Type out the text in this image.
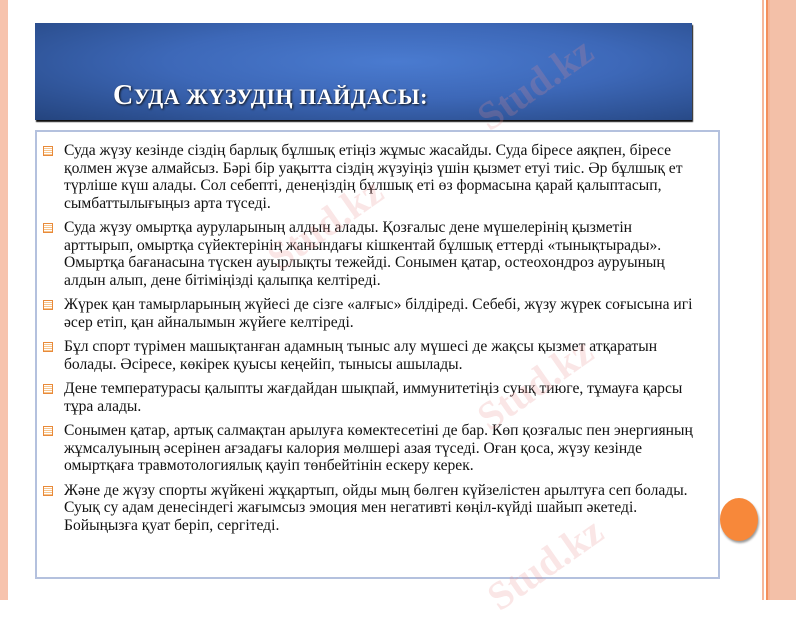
СУДА ЖҮЗУДІҢ ПАЙДАСЫ:
Суда жүзу кезінде сіздің барлық бұлшық етіңіз жұмыс жасайды. Суда біресе аяқпен, біресе қолмен жүзе алмайсыз. Бәрі бір уақытта сіздің жүзуіңіз үшін қызмет етуі тиіс. Әр бұлшық ет түрліше күш алады. Сол себепті, денеңіздің бұлшық еті өз формасына қарай қалыптасып, сымбаттылығыңыз арта түседі.
Суда жүзу омыртқа ауруларының алдын алады. Қозғалыс дене мүшелерінің қызметін арттырып, омыртқа сүйектерінің жанындағы кішкентай бұлшық еттерді «тынықтырады». Омыртқа бағанасына түскен ауырлықты тежейді. Сонымен қатар, остеохондроз ауруының алдын алып, дене бітіміңізді қалыпқа келтіреді.
Жүрек қан тамырларының жүйесі де сізге «алғыс» білдіреді. Себебі, жүзу жүрек соғысына игі әсер етіп, қан айналымын жүйеге келтіреді.
Бұл спорт түрімен машықтанған адамның тыныс алу мүшесі де жақсы қызмет атқаратын болады. Әсіресе, көкірек қуысы кеңейіп, тынысы ашылады.
Дене температурасы қалыпты жағдайдан шықпай, иммунитетіңіз суық тиюге, тұмауға қарсы тұра алады.
Сонымен қатар, артық салмақтан арылуға көмектесетіні де бар. Көп қозғалыс пен энергияның жұмсалуының әсерінен ағзадағы калория мөлшері азая түседі. Оған қоса, жүзу кезінде омыртқаға травмотологиялық қауіп төнбейтінін ескеру керек.
Және де жүзу спорты жүйкені жұқартып, ойды мың бөлген күйзелістен арылтуға сеп болады. Суық су адам денесіндегі жағымсыз эмоция мен негативті көңіл-күйді шайып әкетеді. Бойыңызға қуат беріп, сергітеді.
Stud.kz
Stud.kz
Stud.kz
Stud.kz
